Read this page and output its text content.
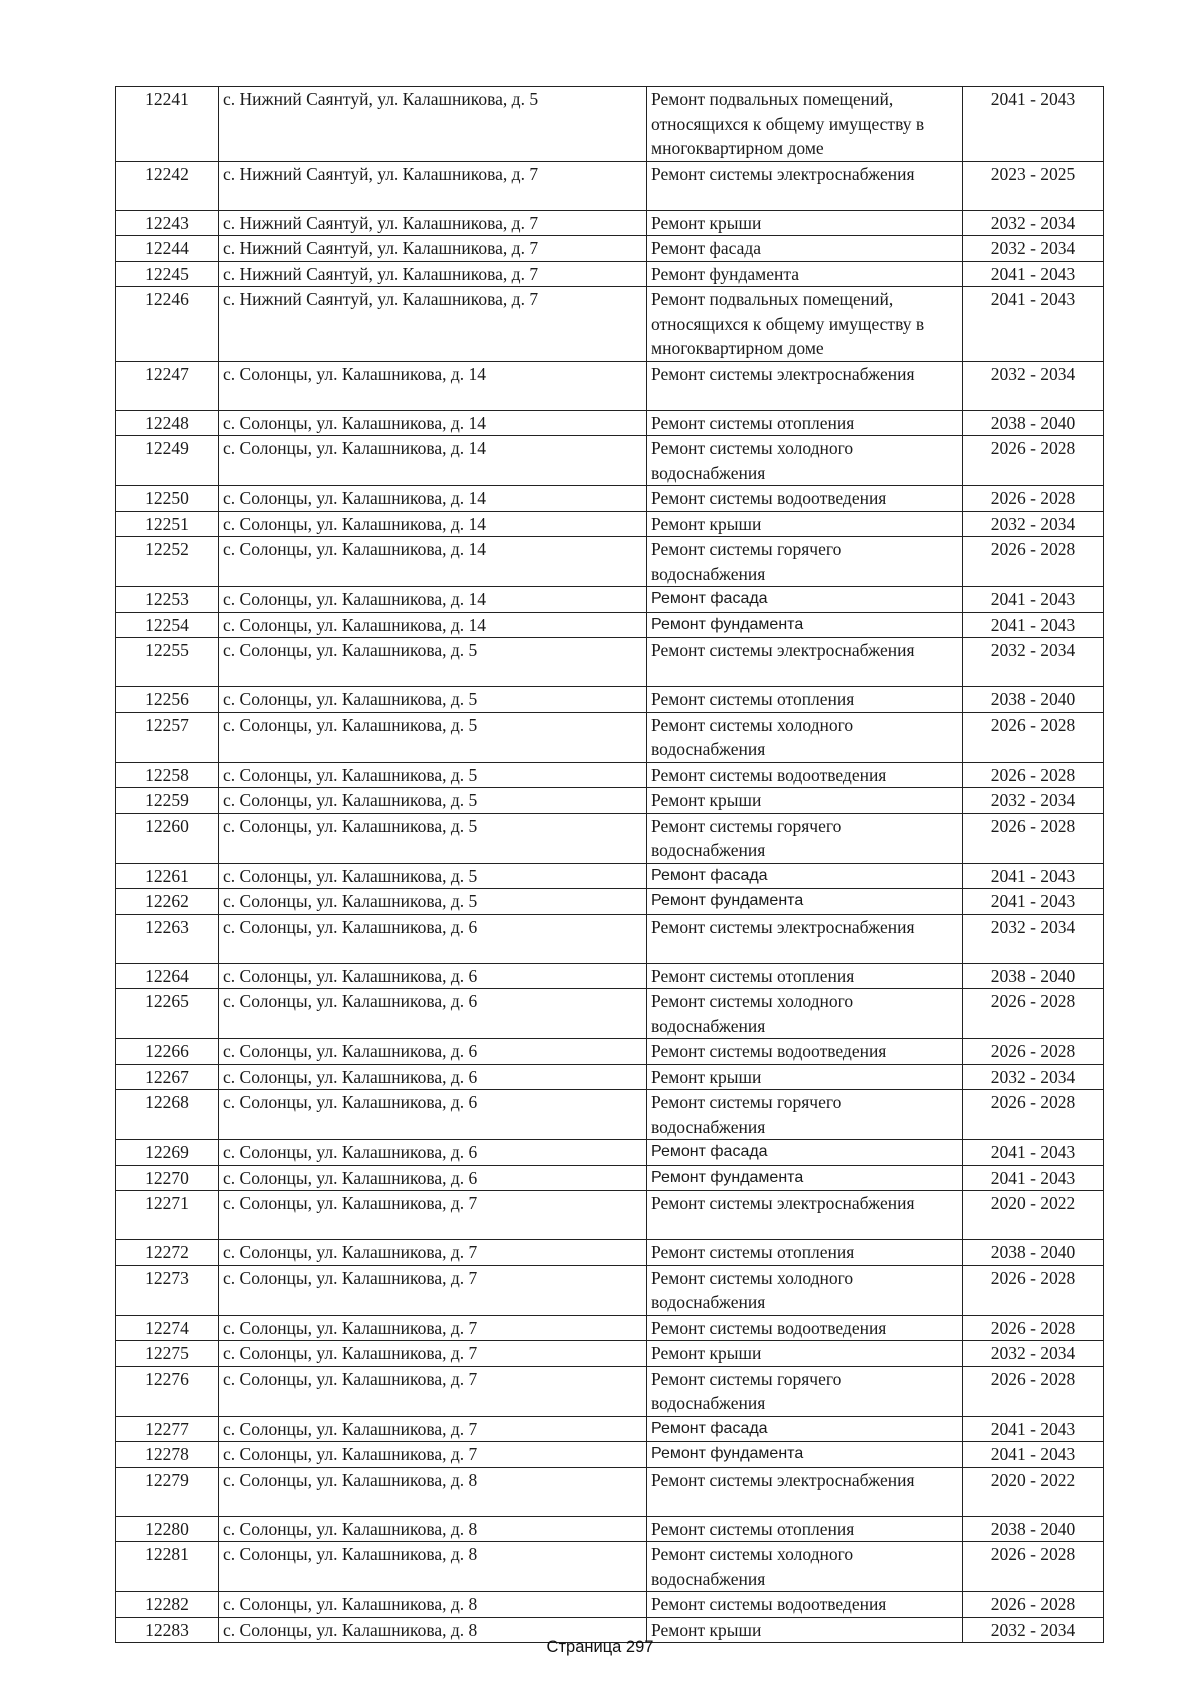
12241	с. Нижний Саянтуй, ул. Калашникова, д. 5	Ремонт подвальных помещений, относящихся к общему имуществу в многоквартирном доме	2041 - 2043
12242	с. Нижний Саянтуй, ул. Калашникова, д. 7	Ремонт системы электроснабжения	2023 - 2025
12243	с. Нижний Саянтуй, ул. Калашникова, д. 7	Ремонт крыши	2032 - 2034
12244	с. Нижний Саянтуй, ул. Калашникова, д. 7	Ремонт фасада	2032 - 2034
12245	с. Нижний Саянтуй, ул. Калашникова, д. 7	Ремонт фундамента	2041 - 2043
12246	с. Нижний Саянтуй, ул. Калашникова, д. 7	Ремонт подвальных помещений, относящихся к общему имуществу в многоквартирном доме	2041 - 2043
12247	с. Солонцы, ул. Калашникова, д. 14	Ремонт системы электроснабжения	2032 - 2034
12248	с. Солонцы, ул. Калашникова, д. 14	Ремонт системы отопления	2038 - 2040
12249	с. Солонцы, ул. Калашникова, д. 14	Ремонт системы холодного водоснабжения	2026 - 2028
12250	с. Солонцы, ул. Калашникова, д. 14	Ремонт системы водоотведения	2026 - 2028
12251	с. Солонцы, ул. Калашникова, д. 14	Ремонт крыши	2032 - 2034
12252	с. Солонцы, ул. Калашникова, д. 14	Ремонт системы горячего водоснабжения	2026 - 2028
12253	с. Солонцы, ул. Калашникова, д. 14	Ремонт фасада	2041 - 2043
12254	с. Солонцы, ул. Калашникова, д. 14	Ремонт фундамента	2041 - 2043
12255	с. Солонцы, ул. Калашникова, д. 5	Ремонт системы электроснабжения	2032 - 2034
12256	с. Солонцы, ул. Калашникова, д. 5	Ремонт системы отопления	2038 - 2040
12257	с. Солонцы, ул. Калашникова, д. 5	Ремонт системы холодного водоснабжения	2026 - 2028
12258	с. Солонцы, ул. Калашникова, д. 5	Ремонт системы водоотведения	2026 - 2028
12259	с. Солонцы, ул. Калашникова, д. 5	Ремонт крыши	2032 - 2034
12260	с. Солонцы, ул. Калашникова, д. 5	Ремонт системы горячего водоснабжения	2026 - 2028
12261	с. Солонцы, ул. Калашникова, д. 5	Ремонт фасада	2041 - 2043
12262	с. Солонцы, ул. Калашникова, д. 5	Ремонт фундамента	2041 - 2043
12263	с. Солонцы, ул. Калашникова, д. 6	Ремонт системы электроснабжения	2032 - 2034
12264	с. Солонцы, ул. Калашникова, д. 6	Ремонт системы отопления	2038 - 2040
12265	с. Солонцы, ул. Калашникова, д. 6	Ремонт системы холодного водоснабжения	2026 - 2028
12266	с. Солонцы, ул. Калашникова, д. 6	Ремонт системы водоотведения	2026 - 2028
12267	с. Солонцы, ул. Калашникова, д. 6	Ремонт крыши	2032 - 2034
12268	с. Солонцы, ул. Калашникова, д. 6	Ремонт системы горячего водоснабжения	2026 - 2028
12269	с. Солонцы, ул. Калашникова, д. 6	Ремонт фасада	2041 - 2043
12270	с. Солонцы, ул. Калашникова, д. 6	Ремонт фундамента	2041 - 2043
12271	с. Солонцы, ул. Калашникова, д. 7	Ремонт системы электроснабжения	2020 - 2022
12272	с. Солонцы, ул. Калашникова, д. 7	Ремонт системы отопления	2038 - 2040
12273	с. Солонцы, ул. Калашникова, д. 7	Ремонт системы холодного водоснабжения	2026 - 2028
12274	с. Солонцы, ул. Калашникова, д. 7	Ремонт системы водоотведения	2026 - 2028
12275	с. Солонцы, ул. Калашникова, д. 7	Ремонт крыши	2032 - 2034
12276	с. Солонцы, ул. Калашникова, д. 7	Ремонт системы горячего водоснабжения	2026 - 2028
12277	с. Солонцы, ул. Калашникова, д. 7	Ремонт фасада	2041 - 2043
12278	с. Солонцы, ул. Калашникова, д. 7	Ремонт фундамента	2041 - 2043
12279	с. Солонцы, ул. Калашникова, д. 8	Ремонт системы электроснабжения	2020 - 2022
12280	с. Солонцы, ул. Калашникова, д. 8	Ремонт системы отопления	2038 - 2040
12281	с. Солонцы, ул. Калашникова, д. 8	Ремонт системы холодного водоснабжения	2026 - 2028
12282	с. Солонцы, ул. Калашникова, д. 8	Ремонт системы водоотведения	2026 - 2028
12283	с. Солонцы, ул. Калашникова, д. 8	Ремонт крыши	2032 - 2034
Страница 297
